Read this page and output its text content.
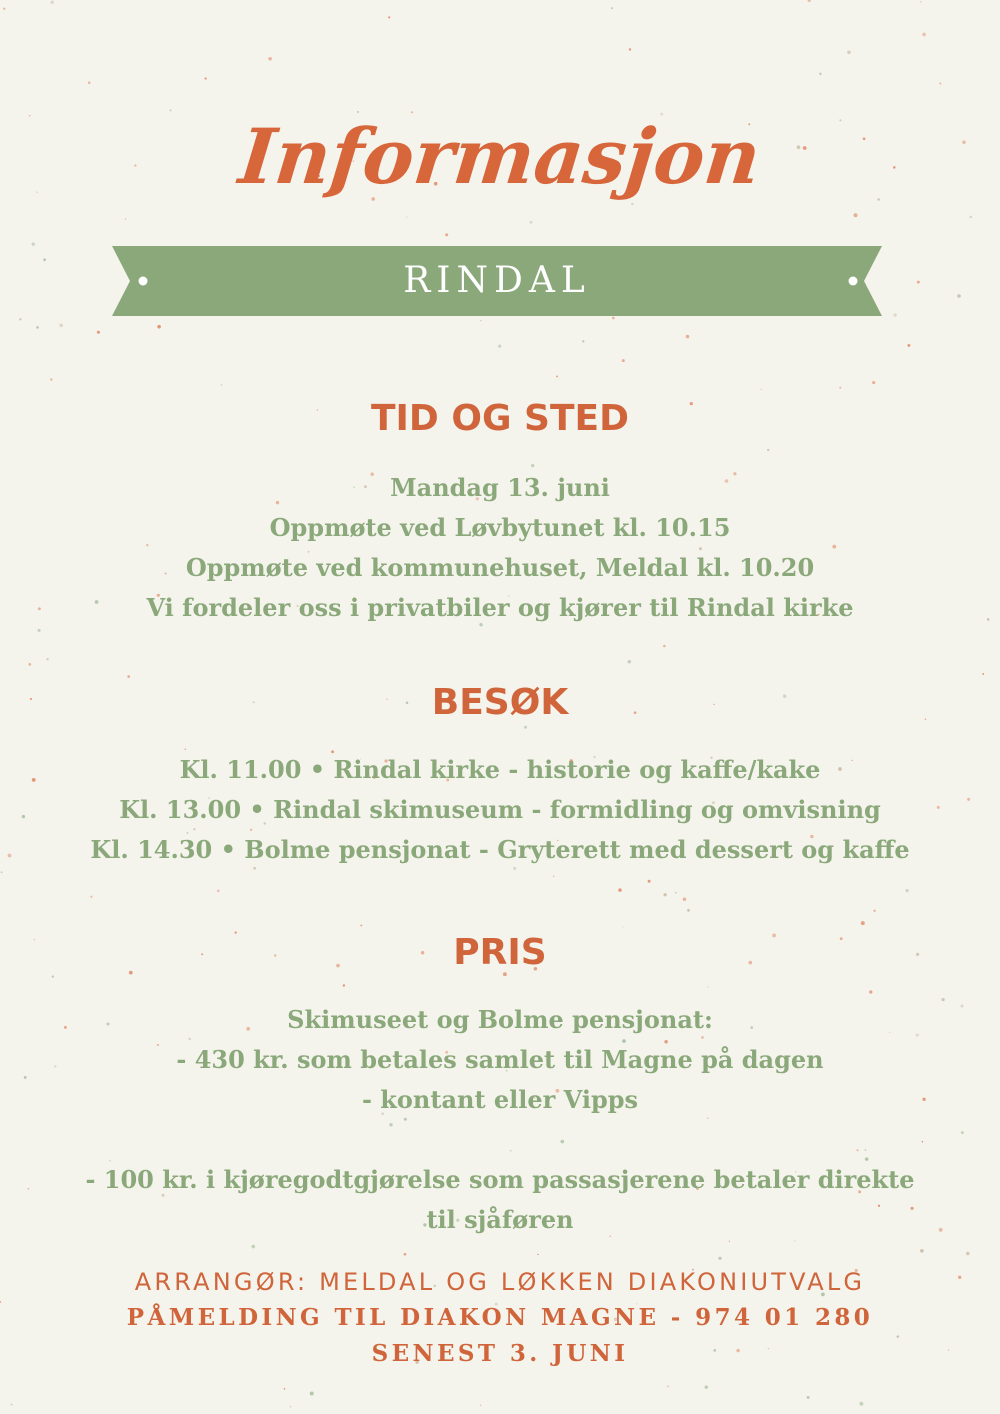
Informasjon
RINDAL
TID OG STED
Mandag 13. juni
Oppmøte ved Løvbytunet kl. 10.15
Oppmøte ved kommunehuset, Meldal kl. 10.20
Vi fordeler oss i privatbiler og kjører til Rindal kirke
BESØK
Kl. 11.00 • Rindal kirke - historie og kaffe/kake
Kl. 13.00 • Rindal skimuseum - formidling og omvisning
Kl. 14.30 • Bolme pensjonat - Gryterett med dessert og kaffe
PRIS
Skimuseet og Bolme pensjonat:
- 430 kr. som betales samlet til Magne på dagen
- kontant eller Vipps
- 100 kr. i kjøregodtgjørelse som passasjerene betaler direkte
til sjåføren
ARRANGØR: MELDAL OG LØKKEN DIAKONIUTVALG
PÅMELDING TIL DIAKON MAGNE - 974 01 280
SENEST 3. JUNI
